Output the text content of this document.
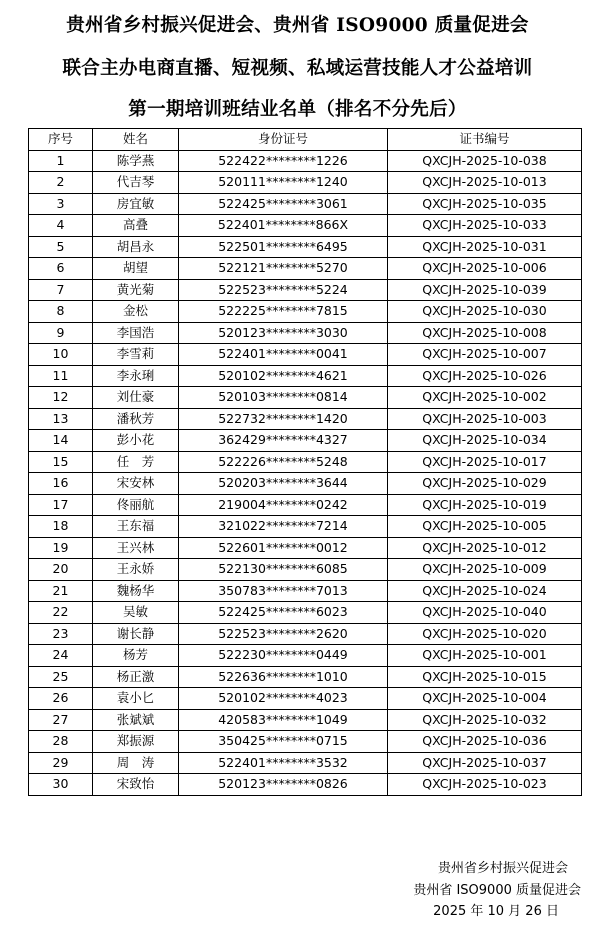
贵州省乡村振兴促进会、贵州省 ISO9000 质量促进会
联合主办电商直播、短视频、私域运营技能人才公益培训
第一期培训班结业名单（排名不分先后）
序号	姓名	身份证号	证书编号
1	陈学燕	522422********1226	QXCJH-2025-10-038
2	代吉琴	520111********1240	QXCJH-2025-10-013
3	房宜敏	522425********3061	QXCJH-2025-10-035
4	高叠	522401********866X	QXCJH-2025-10-033
5	胡昌永	522501********6495	QXCJH-2025-10-031
6	胡望	522121********5270	QXCJH-2025-10-006
7	黄光菊	522523********5224	QXCJH-2025-10-039
8	金松	522225********7815	QXCJH-2025-10-030
9	李国浩	520123********3030	QXCJH-2025-10-008
10	李雪莉	522401********0041	QXCJH-2025-10-007
11	李永琍	520102********4621	QXCJH-2025-10-026
12	刘仕豪	520103********0814	QXCJH-2025-10-002
13	潘秋芳	522732********1420	QXCJH-2025-10-003
14	彭小花	362429********4327	QXCJH-2025-10-034
15	任　芳	522226********5248	QXCJH-2025-10-017
16	宋安林	520203********3644	QXCJH-2025-10-029
17	佟丽航	219004********0242	QXCJH-2025-10-019
18	王东福	321022********7214	QXCJH-2025-10-005
19	王兴林	522601********0012	QXCJH-2025-10-012
20	王永娇	522130********6085	QXCJH-2025-10-009
21	魏杨华	350783********7013	QXCJH-2025-10-024
22	吴敏	522425********6023	QXCJH-2025-10-040
23	谢长静	522523********2620	QXCJH-2025-10-020
24	杨芳	522230********0449	QXCJH-2025-10-001
25	杨正激	522636********1010	QXCJH-2025-10-015
26	袁小匕	520102********4023	QXCJH-2025-10-004
27	张斌斌	420583********1049	QXCJH-2025-10-032
28	郑振源	350425********0715	QXCJH-2025-10-036
29	周　涛	522401********3532	QXCJH-2025-10-037
30	宋致怡	520123********0826	QXCJH-2025-10-023
贵州省乡村振兴促进会
贵州省 ISO9000 质量促进会
2025 年 10 月 26 日
